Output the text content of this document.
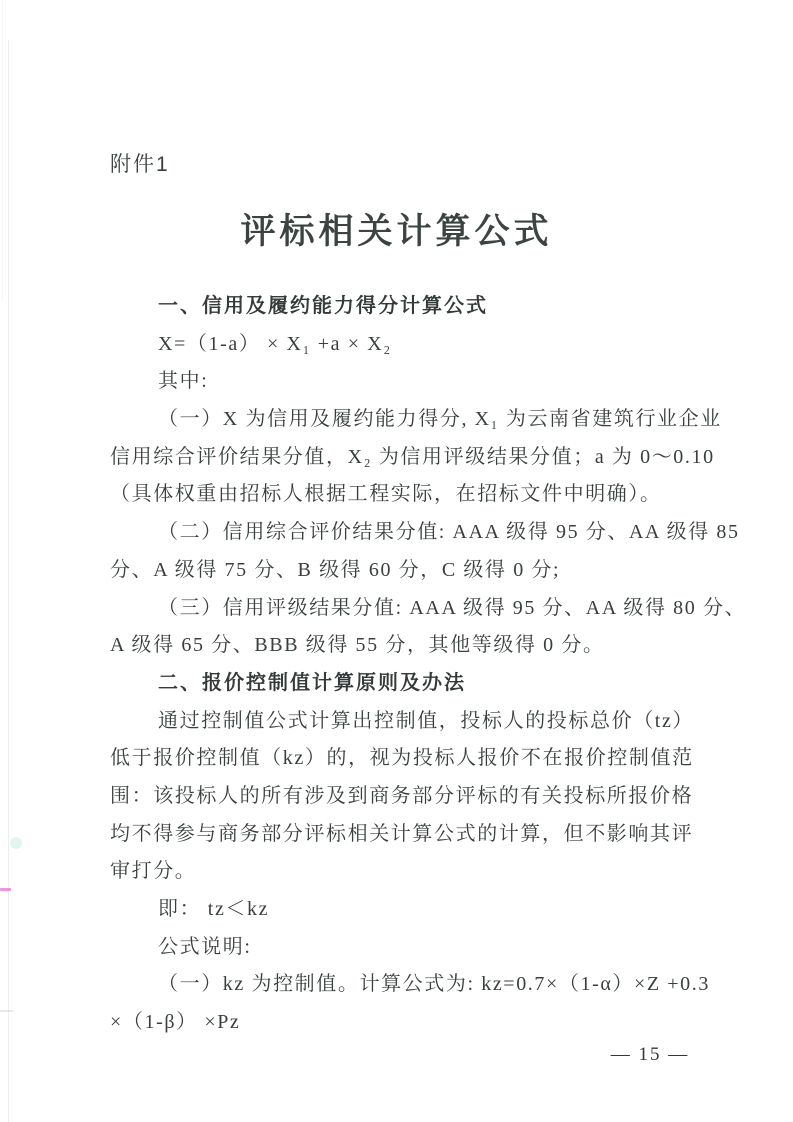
附件1
评标相关计算公式
一、信用及履约能力得分计算公式
X=（1-a） × X₁ +a × X₂
其中:
（一）X 为信用及履约能力得分, X₁ 为云南省建筑行业企业
信用综合评价结果分值，X₂ 为信用评级结果分值；a 为 0～0.10
（具体权重由招标人根据工程实际，在招标文件中明确）。
（二）信用综合评价结果分值: AAA 级得 95 分、AA 级得 85
分、A 级得 75 分、B 级得 60 分，C 级得 0 分;
（三）信用评级结果分值: AAA 级得 95 分、AA 级得 80 分、
A 级得 65 分、BBB 级得 55 分，其他等级得 0 分。
二、报价控制值计算原则及办法
通过控制值公式计算出控制值，投标人的投标总价（tz）
低于报价控制值（kz）的，视为投标人报价不在报价控制值范
围：该投标人的所有涉及到商务部分评标的有关投标所报价格
均不得参与商务部分评标相关计算公式的计算，但不影响其评
审打分。
即： tz＜kz
公式说明:
（一）kz 为控制值。计算公式为: kz=0.7×（1-α）×Z +0.3
×（1-β） ×Pz
— 15 —
